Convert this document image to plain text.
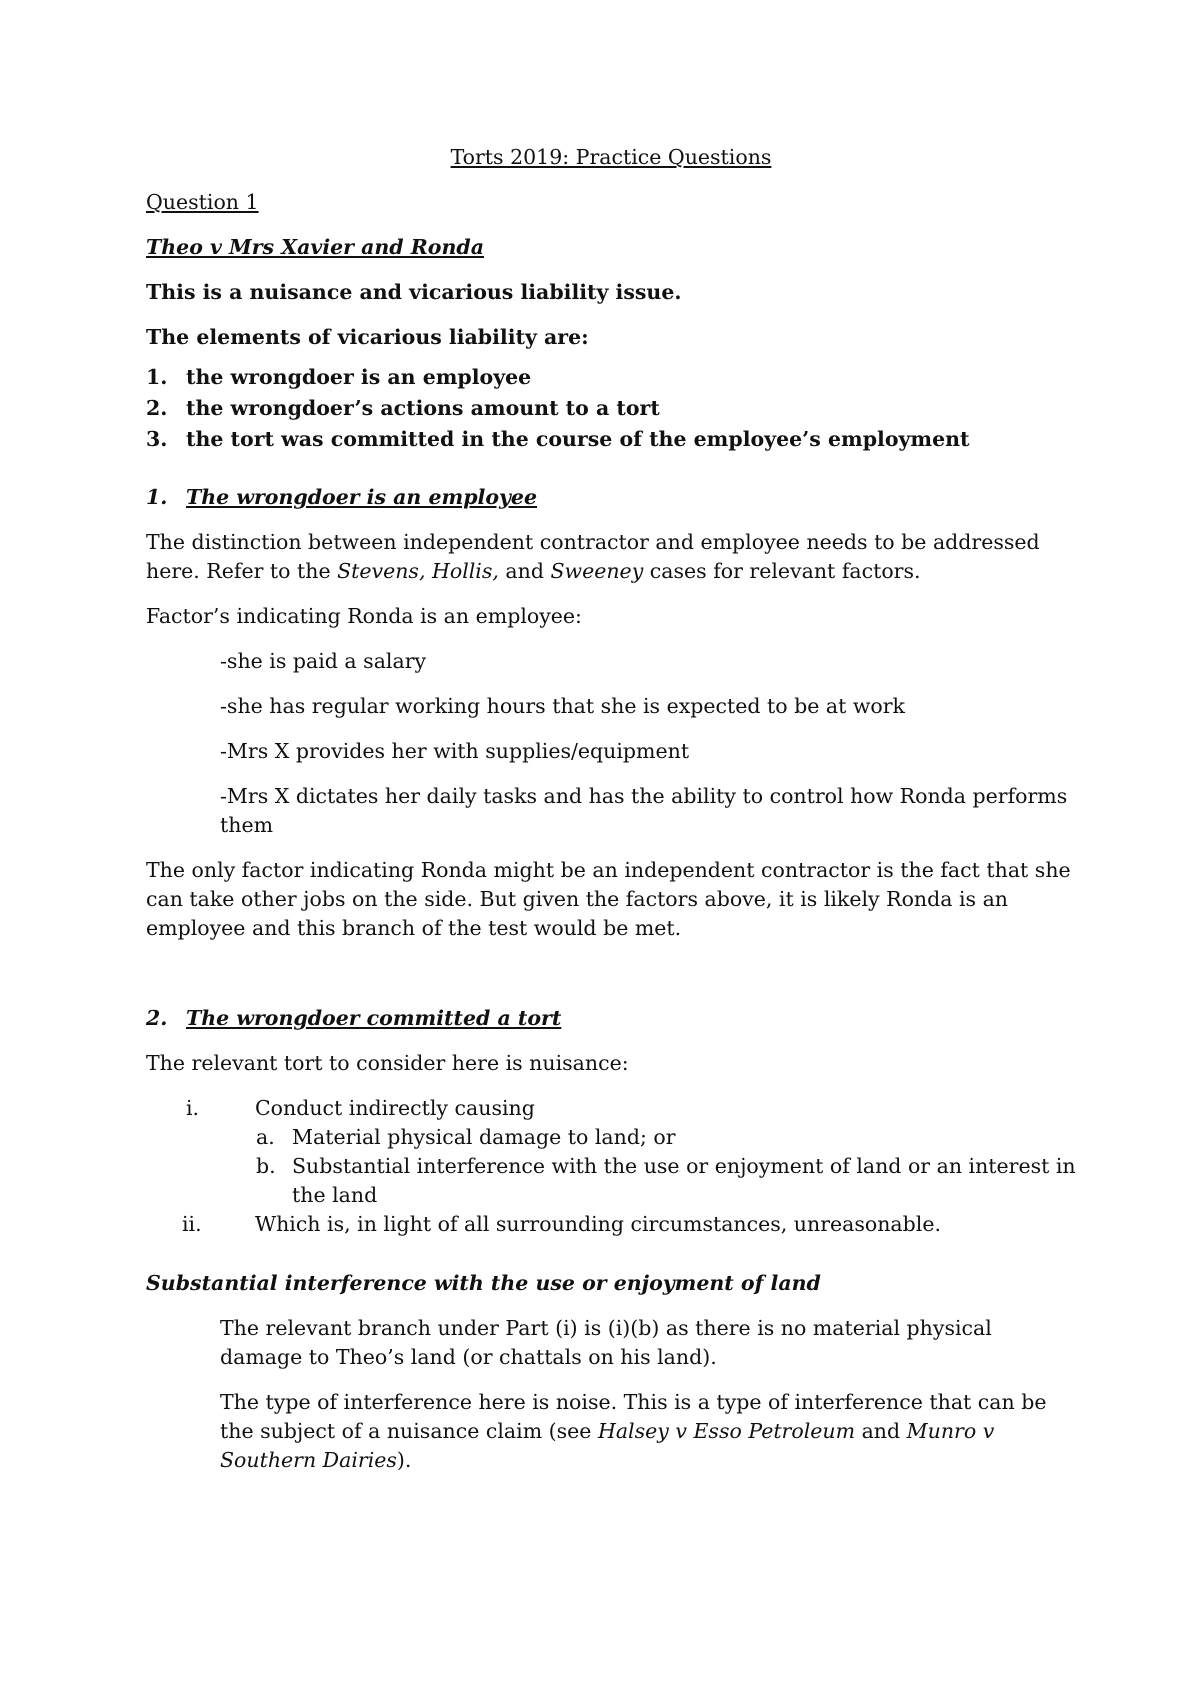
Torts 2019: Practice Questions
Question 1
Theo v Mrs Xavier and Ronda
This is a nuisance and vicarious liability issue.
The elements of vicarious liability are:
1. the wrongdoer is an employee
2. the wrongdoer’s actions amount to a tort
3. the tort was committed in the course of the employee’s employment
1. The wrongdoer is an employee

The distinction between independent contractor and employee needs to be addressed here. Refer to the Stevens, Hollis, and Sweeney cases for relevant factors.

Factor’s indicating Ronda is an employee:

-she is paid a salary

-she has regular working hours that she is expected to be at work

-Mrs X provides her with supplies/equipment

-Mrs X dictates her daily tasks and has the ability to control how Ronda performs them

The only factor indicating Ronda might be an independent contractor is the fact that she can take other jobs on the side. But given the factors above, it is likely Ronda is an employee and this branch of the test would be met.

2. The wrongdoer committed a tort

The relevant tort to consider here is nuisance:

i.	Conduct indirectly causing
a. Material physical damage to land; or
b. Substantial interference with the use or enjoyment of land or an interest in the land
ii.	Which is, in light of all surrounding circumstances, unreasonable.
Substantial interference with the use or enjoyment of land

The relevant branch under Part (i) is (i)(b) as there is no material physical damage to Theo’s land (or chattals on his land).

The type of interference here is noise. This is a type of interference that can be the subject of a nuisance claim (see Halsey v Esso Petroleum and Munro v Southern Dairies).
